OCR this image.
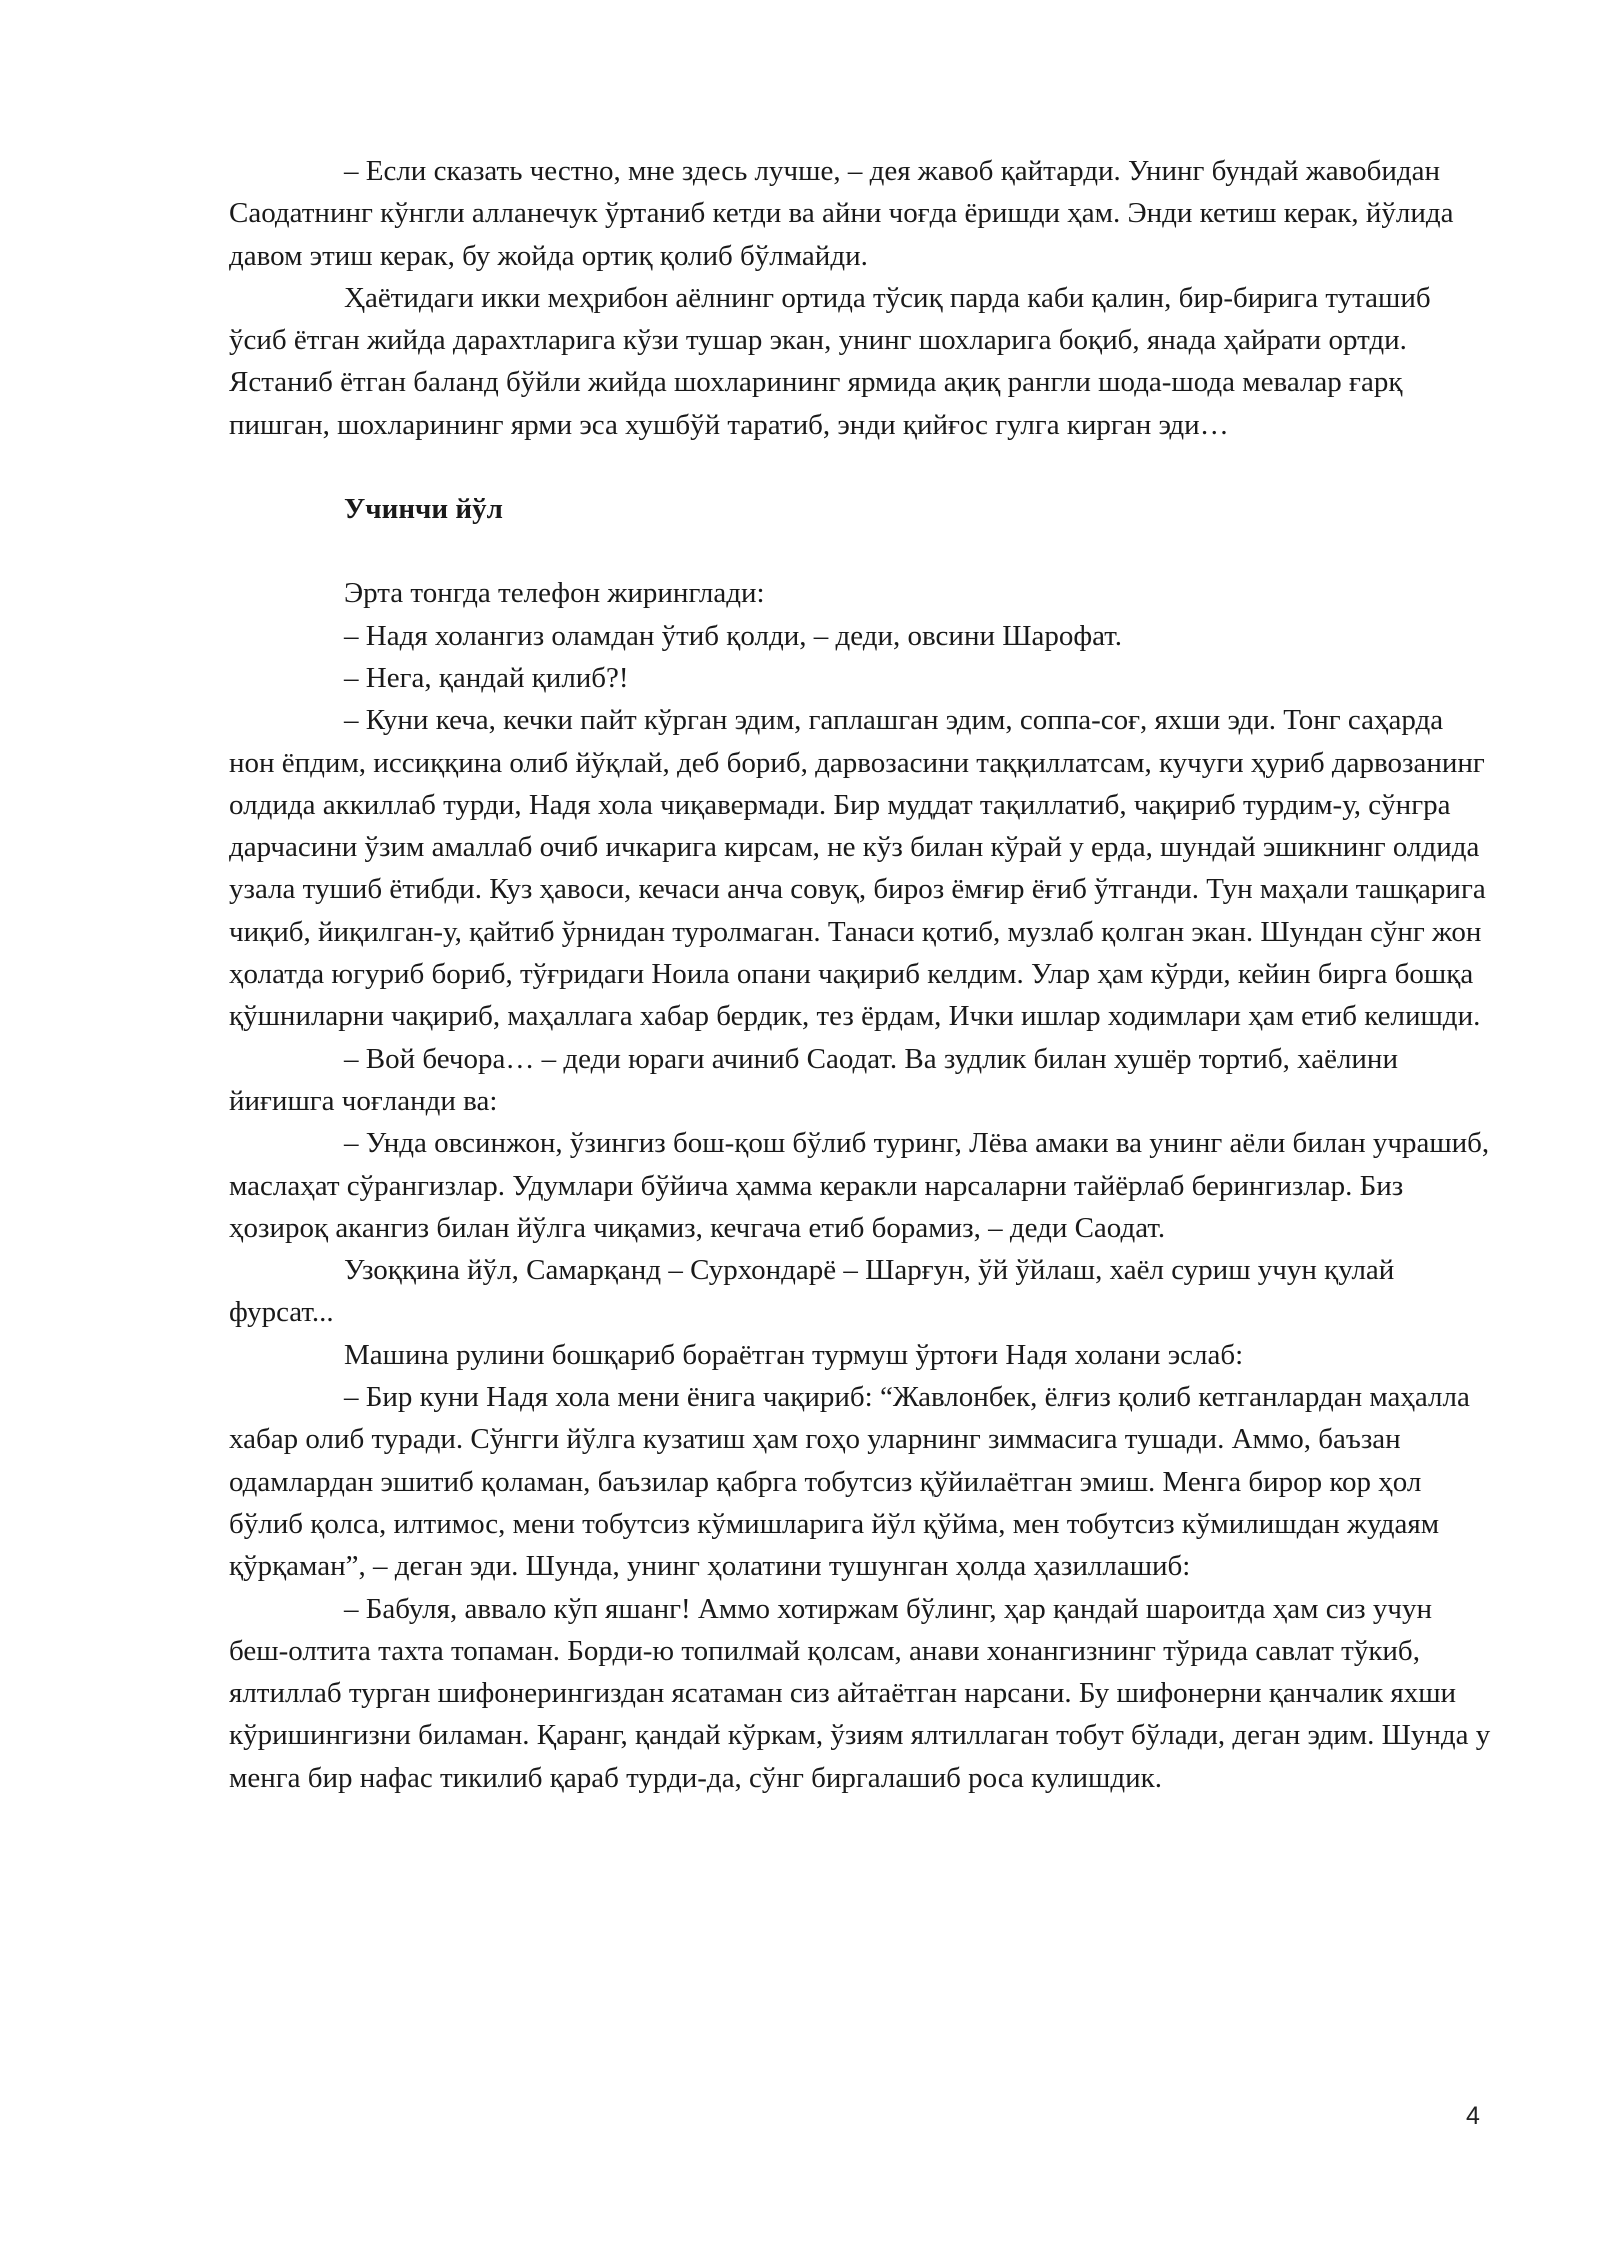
– Если сказать честно, мне здесь лучше, – дея жавоб қайтарди. Унинг бундай жавобидан Саодатнинг кўнгли алланечук ўртаниб кетди ва айни чоғда ёришди ҳам. Энди кетиш керак, йўлида давом этиш керак, бу жойда ортиқ қолиб бўлмайди.

Ҳаётидаги икки меҳрибон аёлнинг ортида тўсиқ парда каби қалин, бир-бирига туташиб ўсиб ётган жийда дарахтларига кўзи тушар экан, унинг шохларига боқиб, янада ҳайрати ортди. Ястаниб ётган баланд бўйли жийда шохларининг ярмида ақиқ рангли шода-шода мевалар ғарқ пишган, шохларининг ярми эса хушбўй таратиб, энди қийғос гулга кирган эди…

Учинчи йўл

Эрта тонгда телефон жиринглади:

– Надя холангиз оламдан ўтиб қолди, – деди, овсини Шарофат.

– Нега, қандай қилиб?!

– Куни кеча, кечки пайт кўрган эдим, гаплашган эдим, соппа-соғ, яхши эди. Тонг саҳарда нон ёпдим, иссиққина олиб йўқлай, деб бориб, дарвозасини таққиллатсам, кучуги ҳуриб дарвозанинг олдида аккиллаб турди, Надя хола чиқавермади. Бир муддат тақиллатиб, чақириб турдим-у, сўнгра дарчасини ўзим амаллаб очиб ичкарига кирсам, не кўз билан кўрай у ерда, шундай эшикнинг олдида узала тушиб ётибди. Куз ҳавоси, кечаси анча совуқ, бироз ёмғир ёғиб ўтганди. Тун маҳали ташқарига чиқиб, йиқилган-у, қайтиб ўрнидан туролмаган. Танаси қотиб, музлаб қолган экан. Шундан сўнг жон ҳолатда югуриб бориб, тўғридаги Ноила опани чақириб келдим. Улар ҳам кўрди, кейин бирга бошқа қўшниларни чақириб, маҳаллага хабар бердик, тез ёрдам, Ички ишлар ходимлари ҳам етиб келишди.

– Вой бечора… – деди юраги ачиниб Саодат. Ва зудлик билан хушёр тортиб, хаёлини йиғишга чоғланди ва:

– Унда овсинжон, ўзингиз бош-қош бўлиб туринг, Лёва амаки ва унинг аёли билан учрашиб, маслаҳат сўрангизлар. Удумлари бўйича ҳамма керакли нарсаларни тайёрлаб берингизлар. Биз ҳозироқ акангиз билан йўлга чиқамиз, кечгача етиб борамиз, – деди Саодат.

Узоққина йўл, Самарқанд – Сурхондарё – Шарғун, ўй ўйлаш, хаёл суриш учун қулай фурсат...

Машина рулини бошқариб бораётган турмуш ўртоғи Надя холани эслаб:

– Бир куни Надя хола мени ёнига чақириб: “Жавлонбек, ёлғиз қолиб кетганлардан маҳалла хабар олиб туради. Сўнгги йўлга кузатиш ҳам гоҳо уларнинг зиммасига тушади. Аммо, баъзан одамлардан эшитиб қоламан, баъзилар қабрга тобутсиз қўйилаётган эмиш. Менга бирор кор ҳол бўлиб қолса, илтимос, мени тобутсиз кўмишларига йўл қўйма, мен тобутсиз кўмилишдан жудаям қўрқаман”, – деган эди. Шунда, унинг ҳолатини тушунган ҳолда ҳазиллашиб:

– Бабуля, аввало кўп яшанг! Аммо хотиржам бўлинг, ҳар қандай шароитда ҳам сиз учун беш-олтита тахта топаман. Борди-ю топилмай қолсам, анави хонангизнинг тўрида савлат тўкиб, ялтиллаб турган шифонерингиздан ясатаман сиз айтаётган нарсани. Бу шифонерни қанчалик яхши кўришингизни биламан. Қаранг, қандай кўркам, ўзиям ялтиллаган тобут бўлади, деган эдим. Шунда у менга бир нафас тикилиб қараб турди-да, сўнг биргалашиб роса кулишдик.

4
